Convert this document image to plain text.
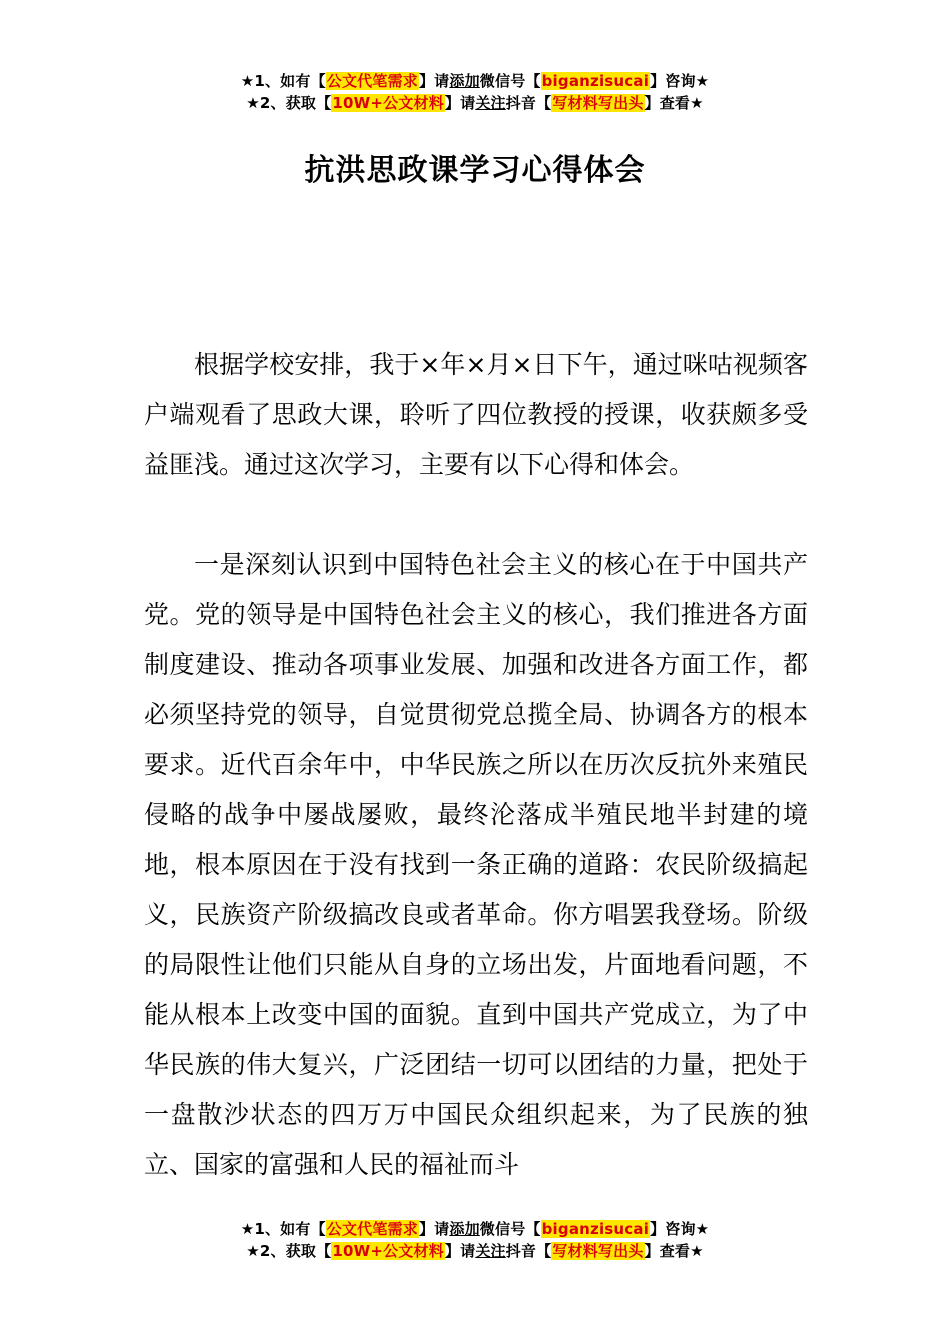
★1、如有【公文代笔需求】请添加微信号【biganzisucai】咨询★
★2、获取【10W+公文材料】请关注抖音【写材料写出头】查看★
抗洪思政课学习心得体会

根据学校安排，我于×年×月×日下午，通过咪咕视频客户端观看了思政大课，聆听了四位教授的授课，收获颇多受益匪浅。通过这次学习，主要有以下心得和体会。

一是深刻认识到中国特色社会主义的核心在于中国共产党。党的领导是中国特色社会主义的核心，我们推进各方面制度建设、推动各项事业发展、加强和改进各方面工作，都必须坚持党的领导，自觉贯彻党总揽全局、协调各方的根本要求。近代百余年中，中华民族之所以在历次反抗外来殖民侵略的战争中屡战屡败，最终沦落成半殖民地半封建的境地，根本原因在于没有找到一条正确的道路：农民阶级搞起义，民族资产阶级搞改良或者革命。你方唱罢我登场。阶级的局限性让他们只能从自身的立场出发，片面地看问题，不能从根本上改变中国的面貌。直到中国共产党成立，为了中华民族的伟大复兴，广泛团结一切可以团结的力量，把处于一盘散沙状态的四万万中国民众组织起来，为了民族的独立、国家的富强和人民的福祉而斗

★1、如有【公文代笔需求】请添加微信号【biganzisucai】咨询★
★2、获取【10W+公文材料】请关注抖音【写材料写出头】查看★
